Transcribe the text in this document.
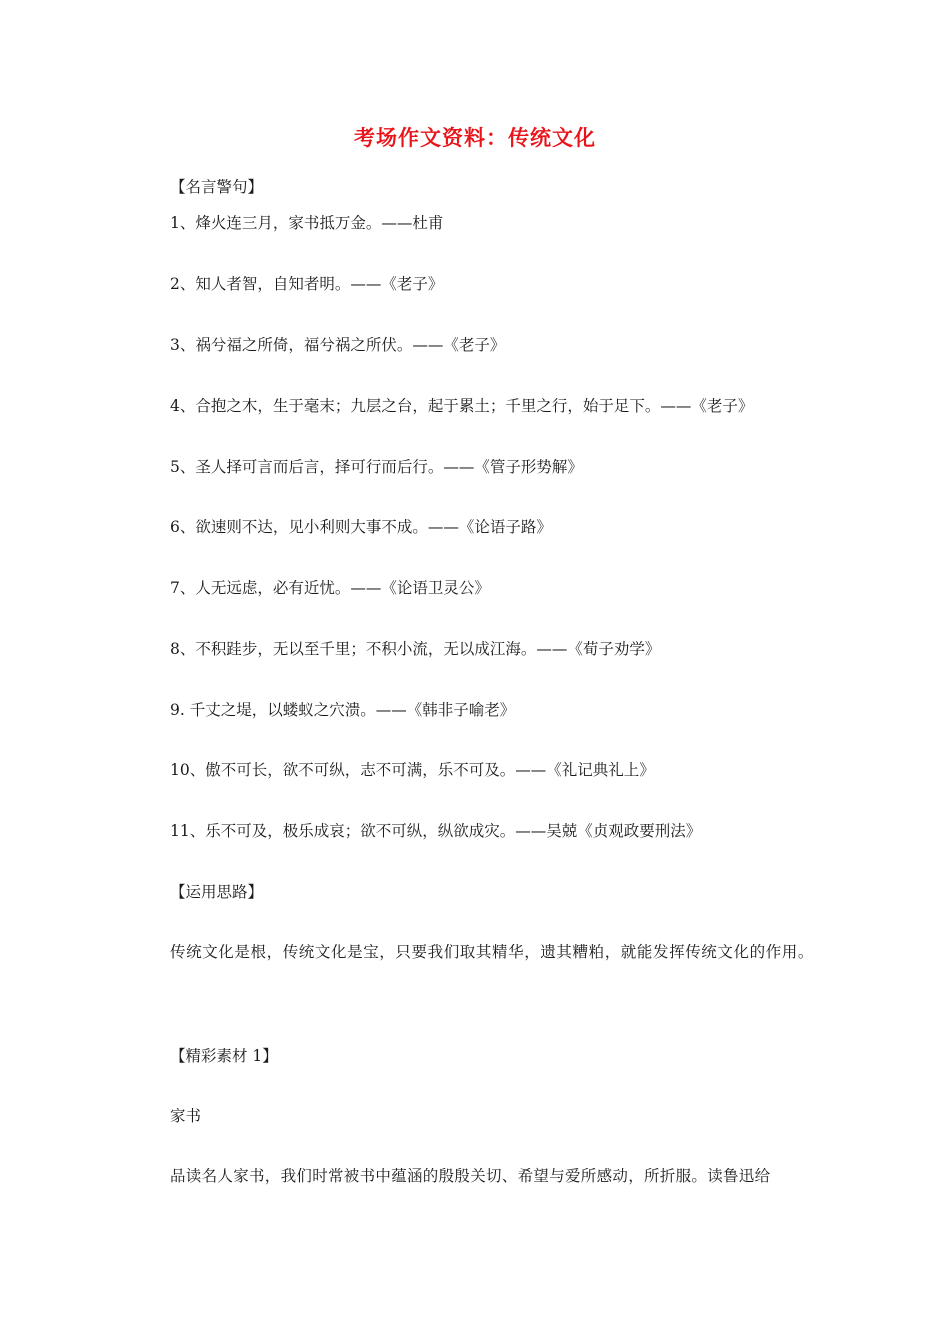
考场作文资料：传统文化
【名言警句】
1、烽火连三月，家书抵万金。——杜甫
2、知人者智，自知者明。——《老子》
3、祸兮福之所倚，福兮祸之所伏。——《老子》
4、合抱之木，生于毫末；九层之台，起于累土；千里之行，始于足下。——《老子》
5、圣人择可言而后言，择可行而后行。——《管子形势解》
6、欲速则不达，见小利则大事不成。——《论语子路》
7、人无远虑，必有近忧。——《论语卫灵公》
8、不积跬步，无以至千里；不积小流，无以成江海。——《荀子劝学》
9. 千丈之堤，以蝼蚁之穴溃。——《韩非子喻老》
10、傲不可长，欲不可纵，志不可满，乐不可及。——《礼记典礼上》
11、乐不可及，极乐成哀；欲不可纵，纵欲成灾。——吴兢《贞观政要刑法》
【运用思路】
传统文化是根，传统文化是宝，只要我们取其精华，遗其糟粕，就能发挥传统文化的作用。
【精彩素材 1】
家书
品读名人家书，我们时常被书中蕴涵的殷殷关切、希望与爱所感动，所折服。读鲁迅给
